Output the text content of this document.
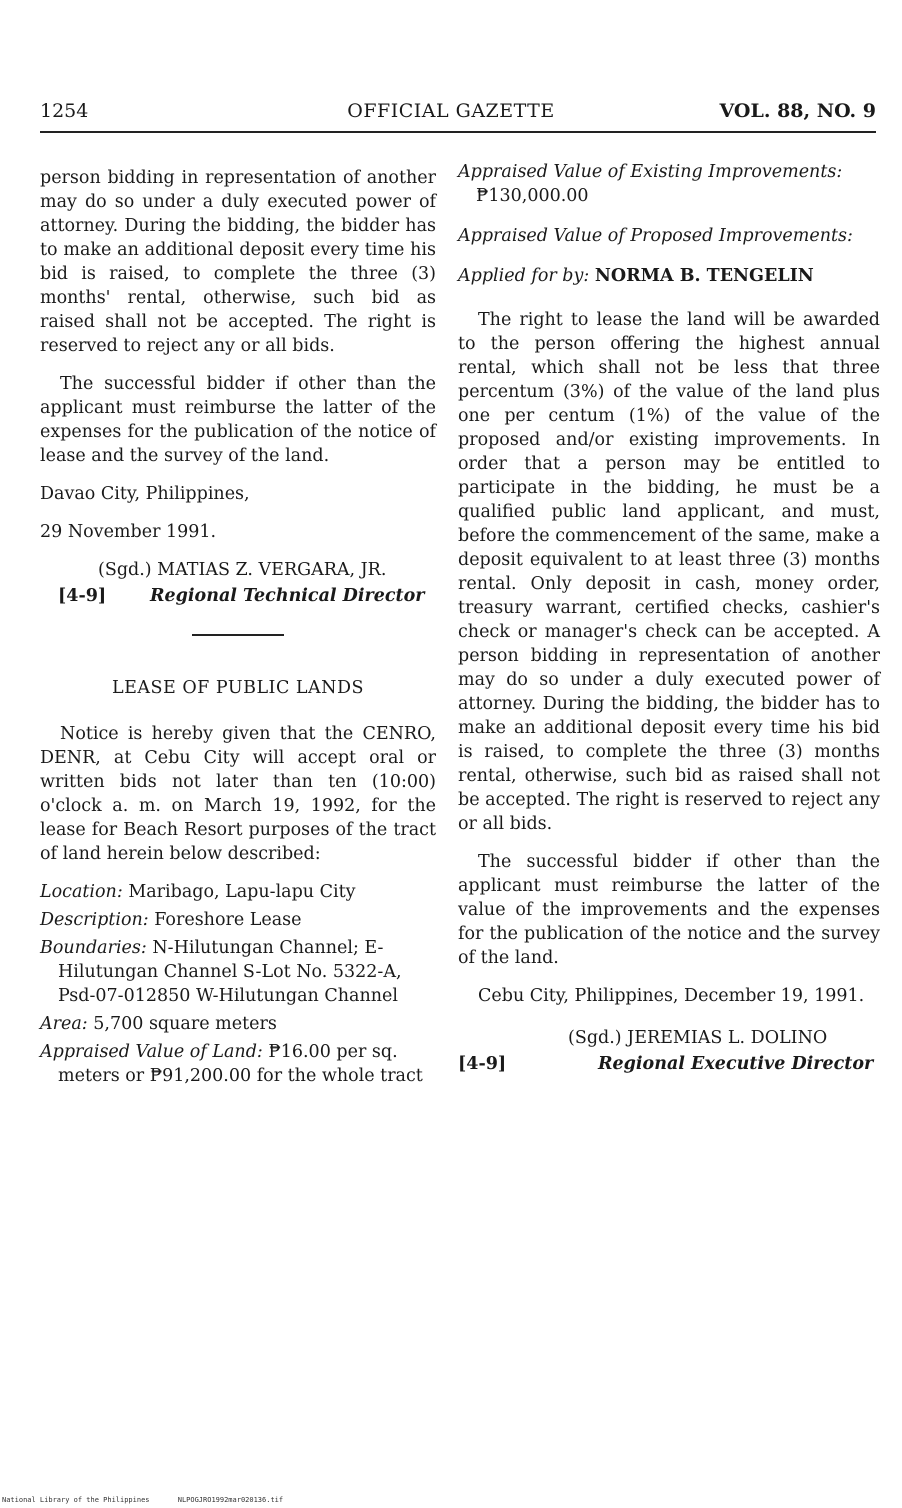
1254	OFFICIAL GAZETTE	VOL. 88, NO. 9

person bidding in representation of another may do so under a duly executed power of attorney. During the bidding, the bidder has to make an additional deposit every time his bid is raised, to complete the three (3) months' rental, otherwise, such bid as raised shall not be accepted. The right is reserved to reject any or all bids.

The successful bidder if other than the applicant must reimburse the latter of the expenses for the publication of the notice of lease and the survey of the land.

Davao City, Philippines,

29 November 1991.

(Sgd.) MATIAS Z. VERGARA, JR.
[4-9]	Regional Technical Director

LEASE OF PUBLIC LANDS

Notice is hereby given that the CENRO, DENR, at Cebu City will accept oral or written bids not later than ten (10:00) o'clock a. m. on March 19, 1992, for the lease for Beach Resort purposes of the tract of land herein below described:

Location: Maribago, Lapu-lapu City

Description: Foreshore Lease

Boundaries: N-Hilutungan Channel; E-Hilutungan Channel S-Lot No. 5322-A, Psd-07-012850 W-Hilutungan Channel

Area: 5,700 square meters

Appraised Value of Land: ₱16.00 per sq. meters or ₱91,200.00 for the whole tract

Appraised Value of Existing Improvements: ₱130,000.00

Appraised Value of Proposed Improvements:

Applied for by: NORMA B. TENGELIN

The right to lease the land will be awarded to the person offering the highest annual rental, which shall not be less that three percentum (3%) of the value of the land plus one per centum (1%) of the value of the proposed and/or existing improvements. In order that a person may be entitled to participate in the bidding, he must be a qualified public land applicant, and must, before the commencement of the same, make a deposit equivalent to at least three (3) months rental. Only deposit in cash, money order, treasury warrant, certified checks, cashier's check or manager's check can be accepted. A person bidding in representation of another may do so under a duly executed power of attorney. During the bidding, the bidder has to make an additional deposit every time his bid is raised, to complete the three (3) months rental, otherwise, such bid as raised shall not be accepted. The right is reserved to reject any or all bids.

The successful bidder if other than the applicant must reimburse the latter of the value of the improvements and the expenses for the publication of the notice and the survey of the land.

Cebu City, Philippines, December 19, 1991.

(Sgd.) JEREMIAS L. DOLINO
[4-9]	Regional Executive Director
National Library of the Philippines	NLPOGJRO1992mar020136.tif
